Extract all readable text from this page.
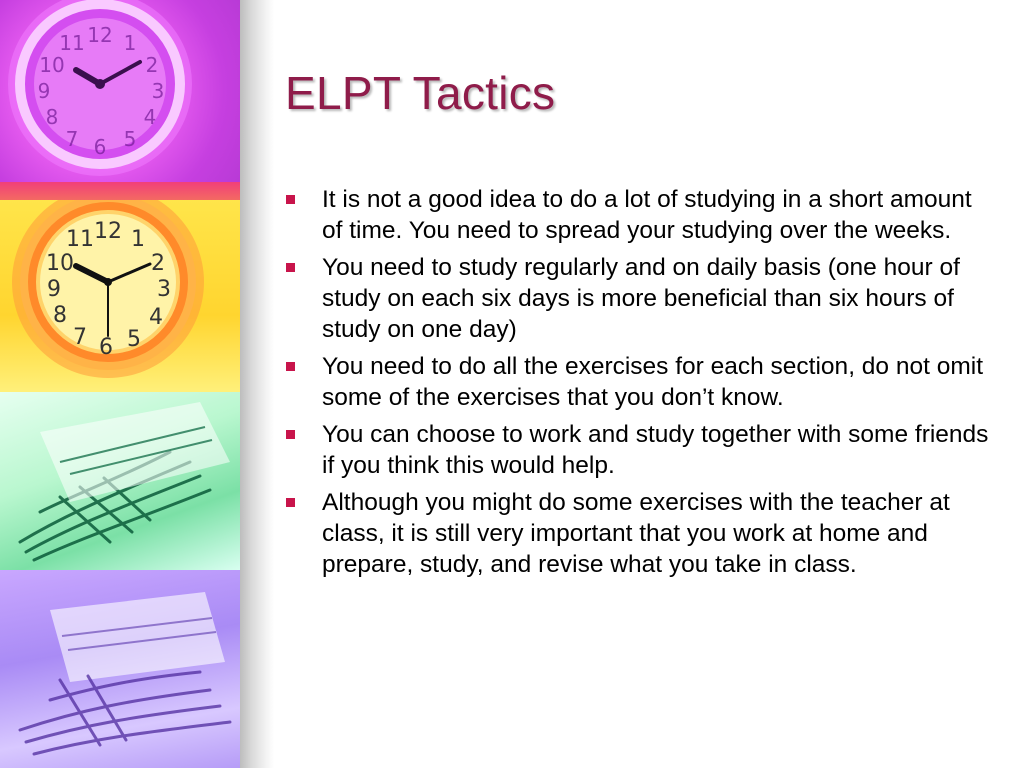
12 1
2
3
4
5
6
7
8
9
10
11
12 1
2
3
4
5
6
7
8
9
10
11
ELPT Tactics
It is not a good idea to do a lot of studying in a short amount of time. You need to spread your studying over the weeks.
You need to study regularly and on daily basis (one hour of study on each six days is more beneficial than six hours of study on one day)
You need to do all the exercises for each section, do not omit some of the exercises that you don’t know.
You can choose to work and study together with some friends if you think this would help.
Although you might do some exercises with the teacher at class, it is still very important that you work at home and prepare, study, and revise what you take in class.
